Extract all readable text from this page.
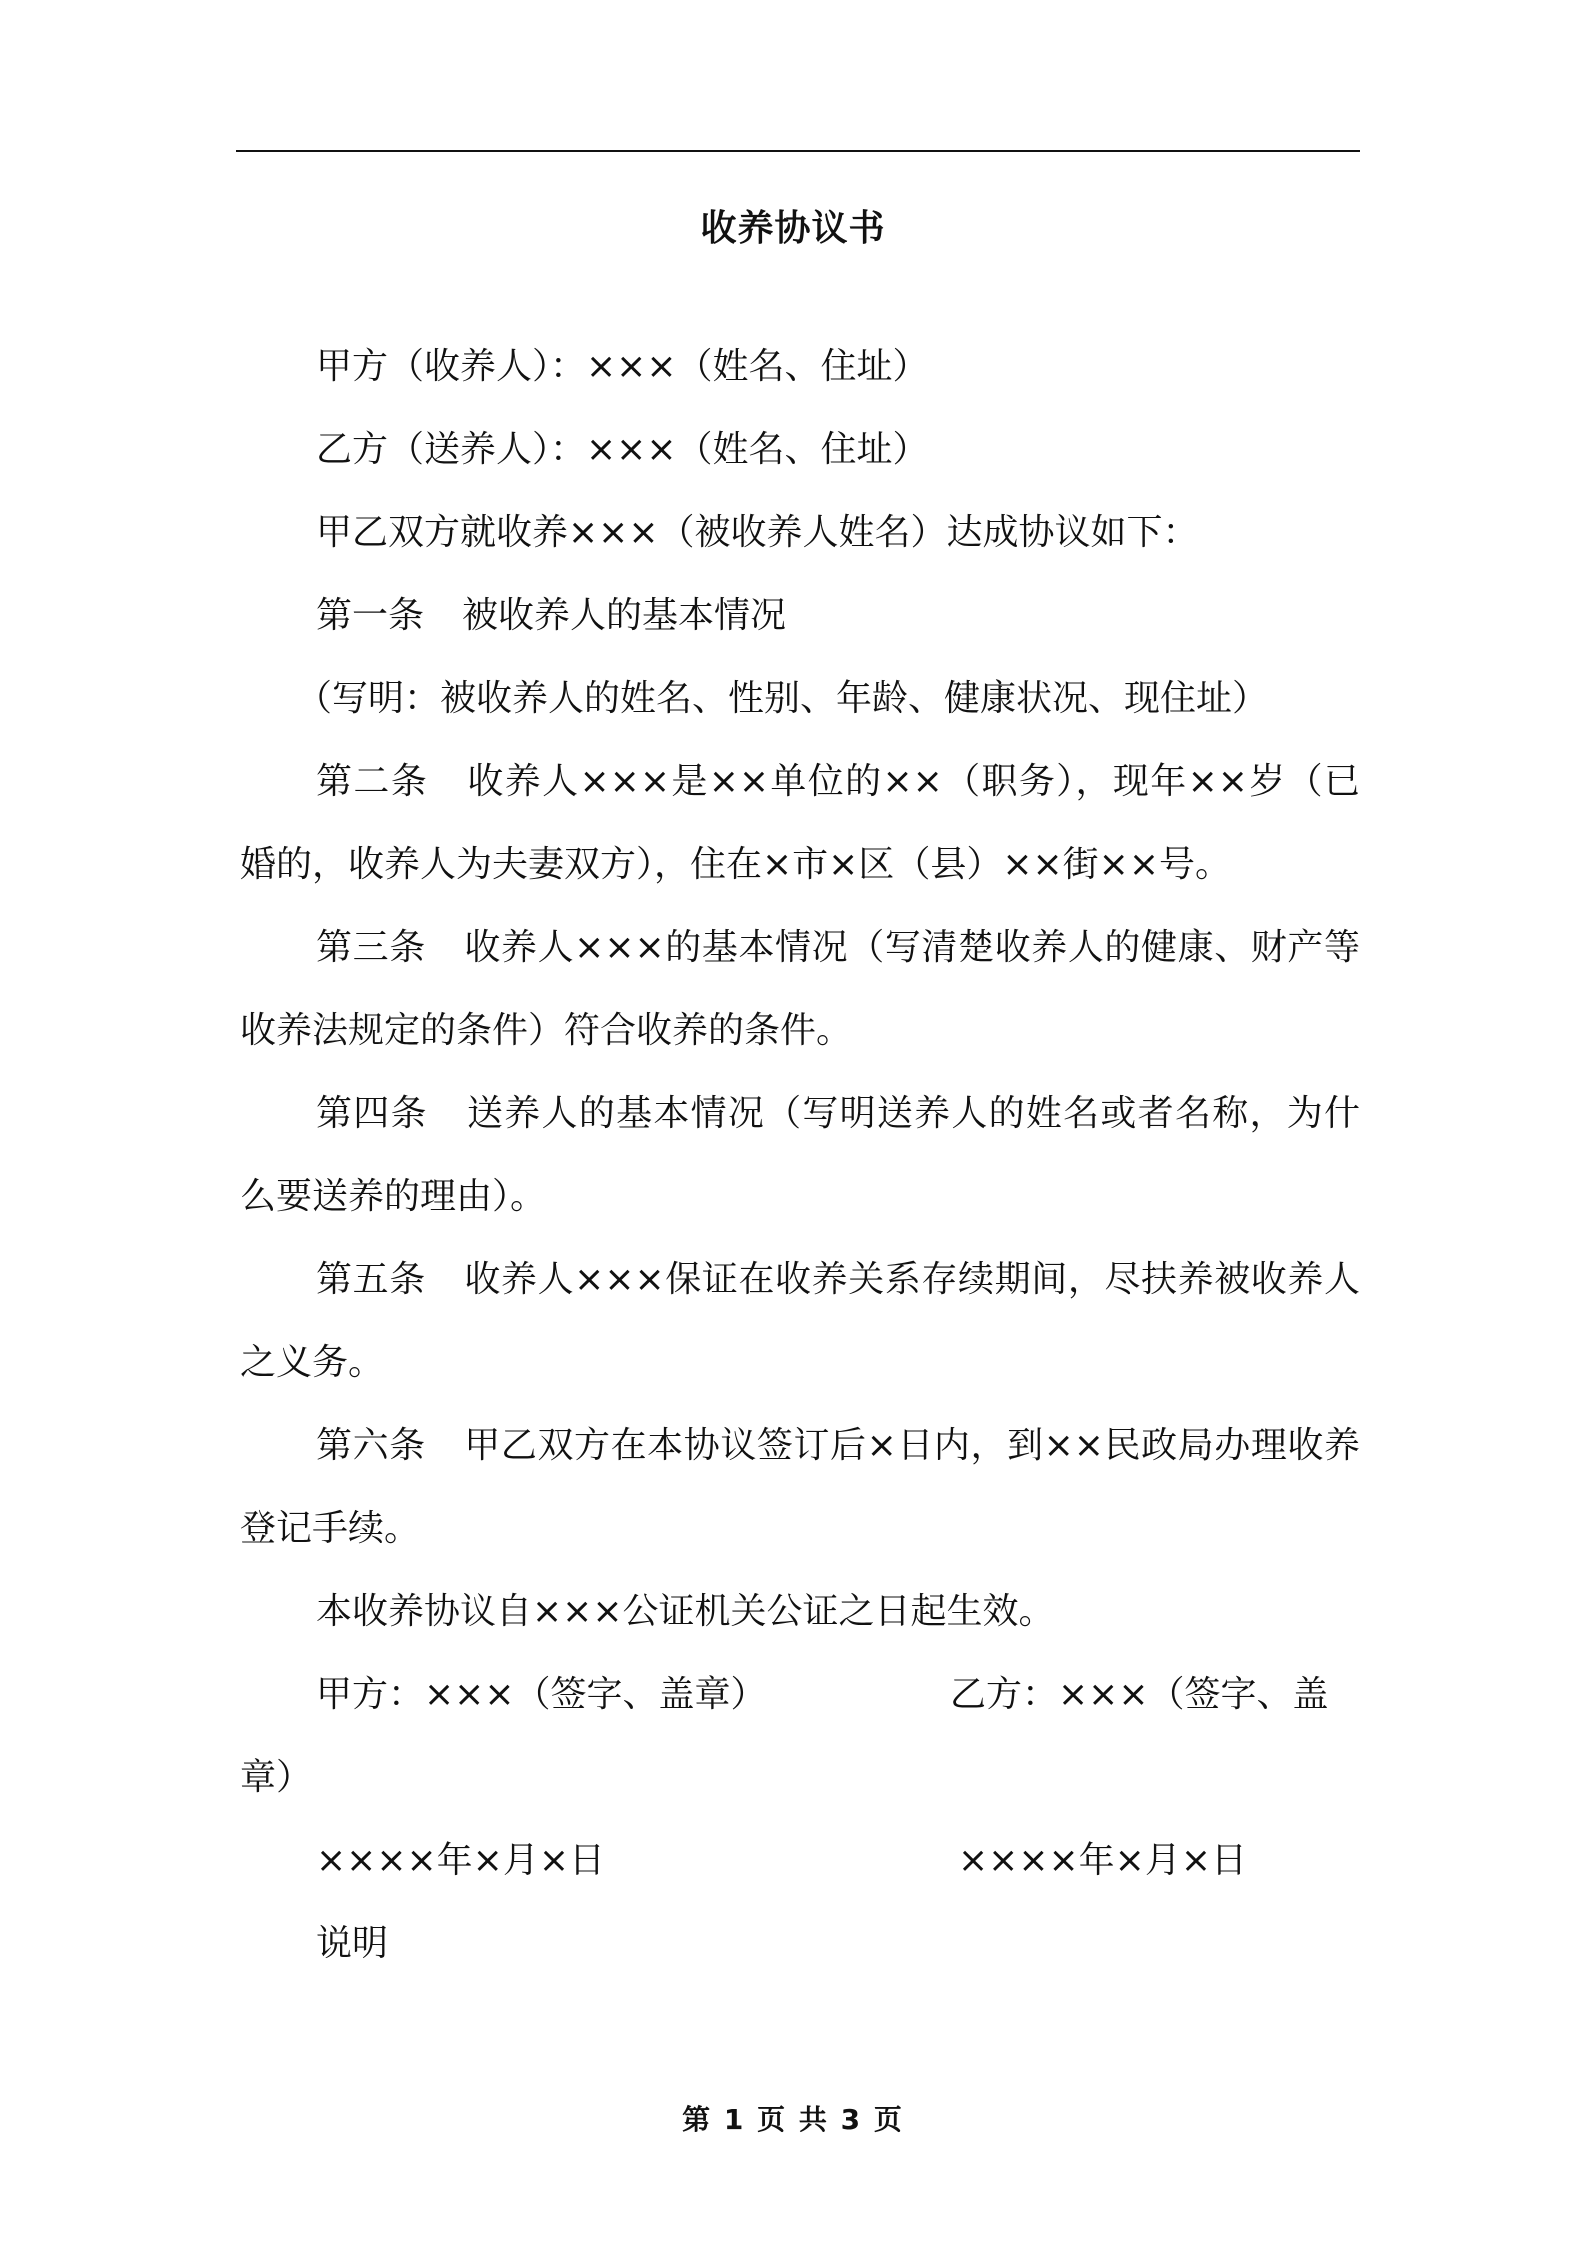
收养协议书

甲方（收养人）：×××（姓名、住址）

乙方（送养人）：×××（姓名、住址）

甲乙双方就收养×××（被收养人姓名）达成协议如下：

第一条 被收养人的基本情况

（写明：被收养人的姓名、性别、年龄、健康状况、现住址）

第二条 收养人×××是××单位的××（职务），现年××岁（已婚的，收养人为夫妻双方），住在×市×区（县）××街××号。

第三条 收养人×××的基本情况（写清楚收养人的健康、财产等收养法规定的条件）符合收养的条件。

第四条 送养人的基本情况（写明送养人的姓名或者名称，为什么要送养的理由）。

第五条 收养人×××保证在收养关系存续期间，尽扶养被收养人之义务。

第六条 甲乙双方在本协议签订后×日内，到××民政局办理收养登记手续。

本收养协议自×××公证机关公证之日起生效。

甲方：×××（签字、盖章）	乙方：×××（签字、盖
章）
××××年×月×日	××××年×月×日

说明

第 1 页 共 3 页
